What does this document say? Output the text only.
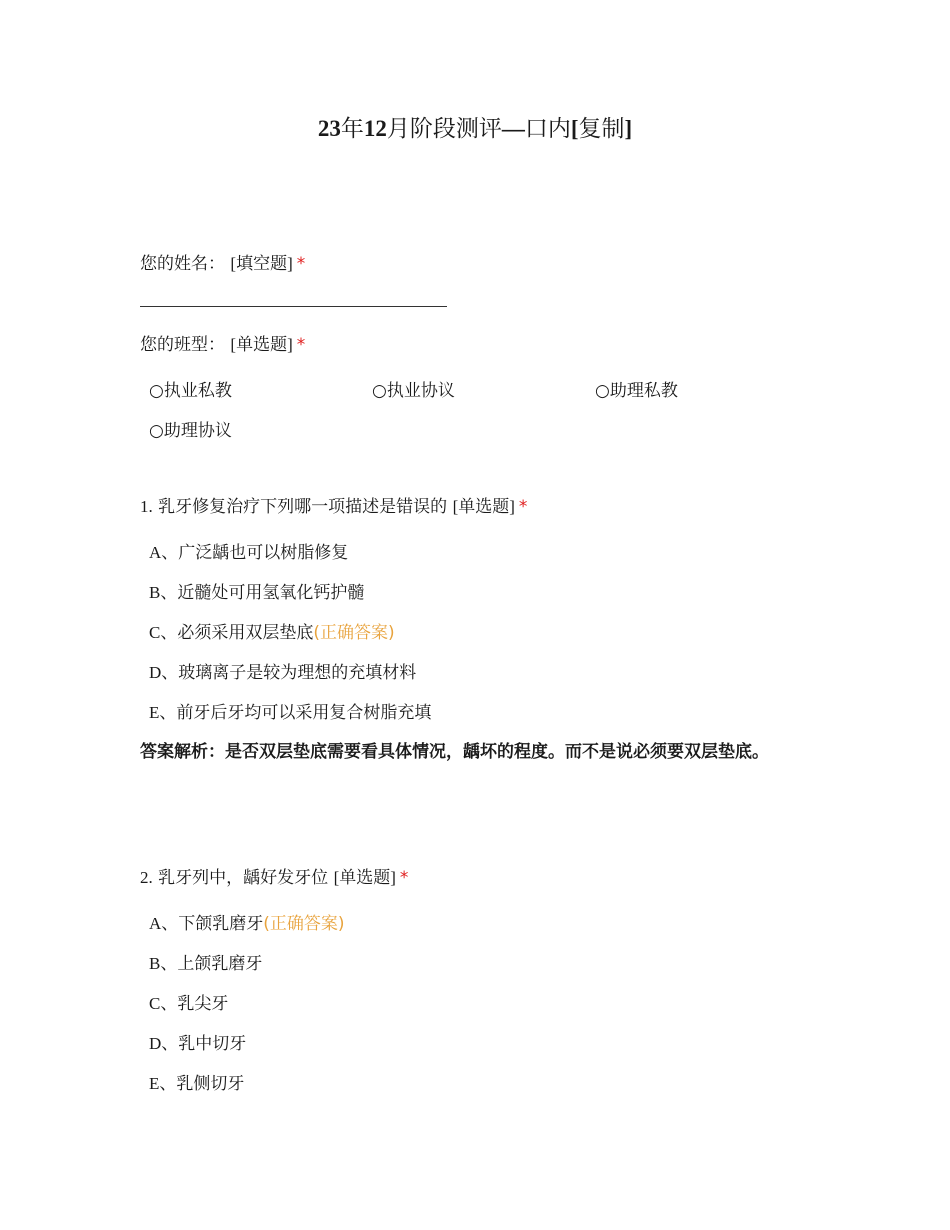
23年12月阶段测评—口内[复制]
您的姓名： [填空题] *
您的班型： [单选题] *
○执业私教	○执业协议	○助理私教
○助理协议
1. 乳牙修复治疗下列哪一项描述是错误的 [单选题] *
A、广泛龋也可以树脂修复
B、近髓处可用氢氧化钙护髓
C、必须采用双层垫底(正确答案)
D、玻璃离子是较为理想的充填材料
E、前牙后牙均可以采用复合树脂充填
答案解析：是否双层垫底需要看具体情况，龋坏的程度。而不是说必须要双层垫底。
2. 乳牙列中，龋好发牙位 [单选题] *
A、下颌乳磨牙(正确答案)
B、上颌乳磨牙
C、乳尖牙
D、乳中切牙
E、乳侧切牙
